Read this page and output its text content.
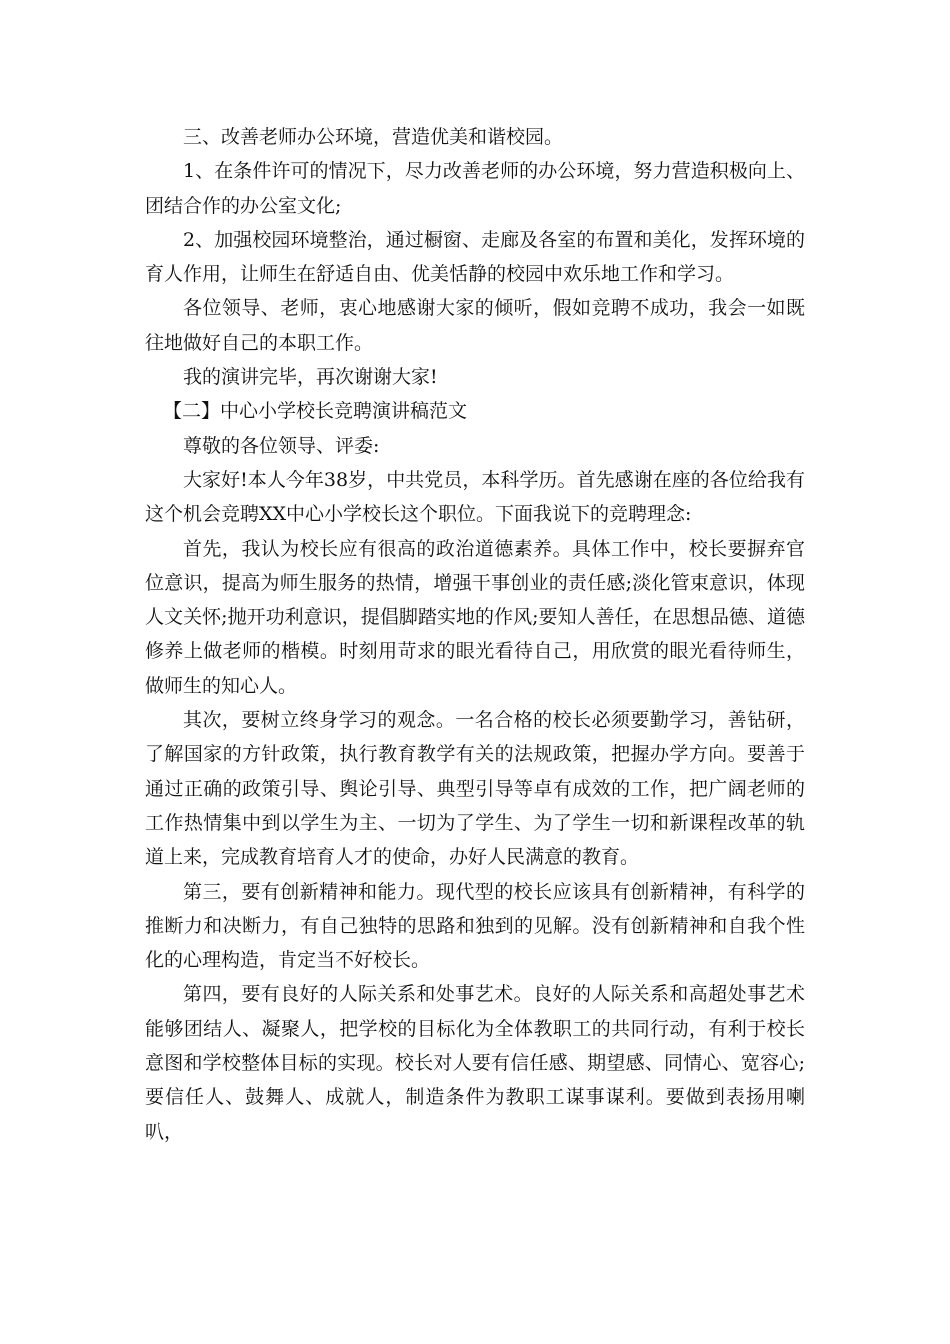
三、改善老师办公环境，营造优美和谐校园。

1、在条件许可的情况下，尽力改善老师的办公环境，努力营造积极向上、团结合作的办公室文化;

2、加强校园环境整治，通过橱窗、走廊及各室的布置和美化，发挥环境的育人作用，让师生在舒适自由、优美恬静的校园中欢乐地工作和学习。

各位领导、老师，衷心地感谢大家的倾听，假如竞聘不成功，我会一如既往地做好自己的本职工作。

我的演讲完毕，再次谢谢大家!

【二】中心小学校长竞聘演讲稿范文

尊敬的各位领导、评委:

大家好!本人今年38岁，中共党员，本科学历。首先感谢在座的各位给我有这个机会竞聘XX中心小学校长这个职位。下面我说下的竞聘理念:

首先，我认为校长应有很高的政治道德素养。具体工作中，校长要摒弃官位意识，提高为师生服务的热情，增强干事创业的责任感;淡化管束意识，体现人文关怀;抛开功利意识，提倡脚踏实地的作风;要知人善任，在思想品德、道德修养上做老师的楷模。时刻用苛求的眼光看待自己，用欣赏的眼光看待师生，做师生的知心人。

其次，要树立终身学习的观念。一名合格的校长必须要勤学习，善钻研，了解国家的方针政策，执行教育教学有关的法规政策，把握办学方向。要善于通过正确的政策引导、舆论引导、典型引导等卓有成效的工作，把广阔老师的工作热情集中到以学生为主、一切为了学生、为了学生一切和新课程改革的轨道上来，完成教育培育人才的使命，办好人民满意的教育。

第三，要有创新精神和能力。现代型的校长应该具有创新精神，有科学的推断力和决断力，有自己独特的思路和独到的见解。没有创新精神和自我个性化的心理构造，肯定当不好校长。

第四，要有良好的人际关系和处事艺术。良好的人际关系和高超处事艺术能够团结人、凝聚人，把学校的目标化为全体教职工的共同行动，有利于校长意图和学校整体目标的实现。校长对人要有信任感、期望感、同情心、宽容心;要信任人、鼓舞人、成就人，制造条件为教职工谋事谋利。要做到表扬用喇叭，
